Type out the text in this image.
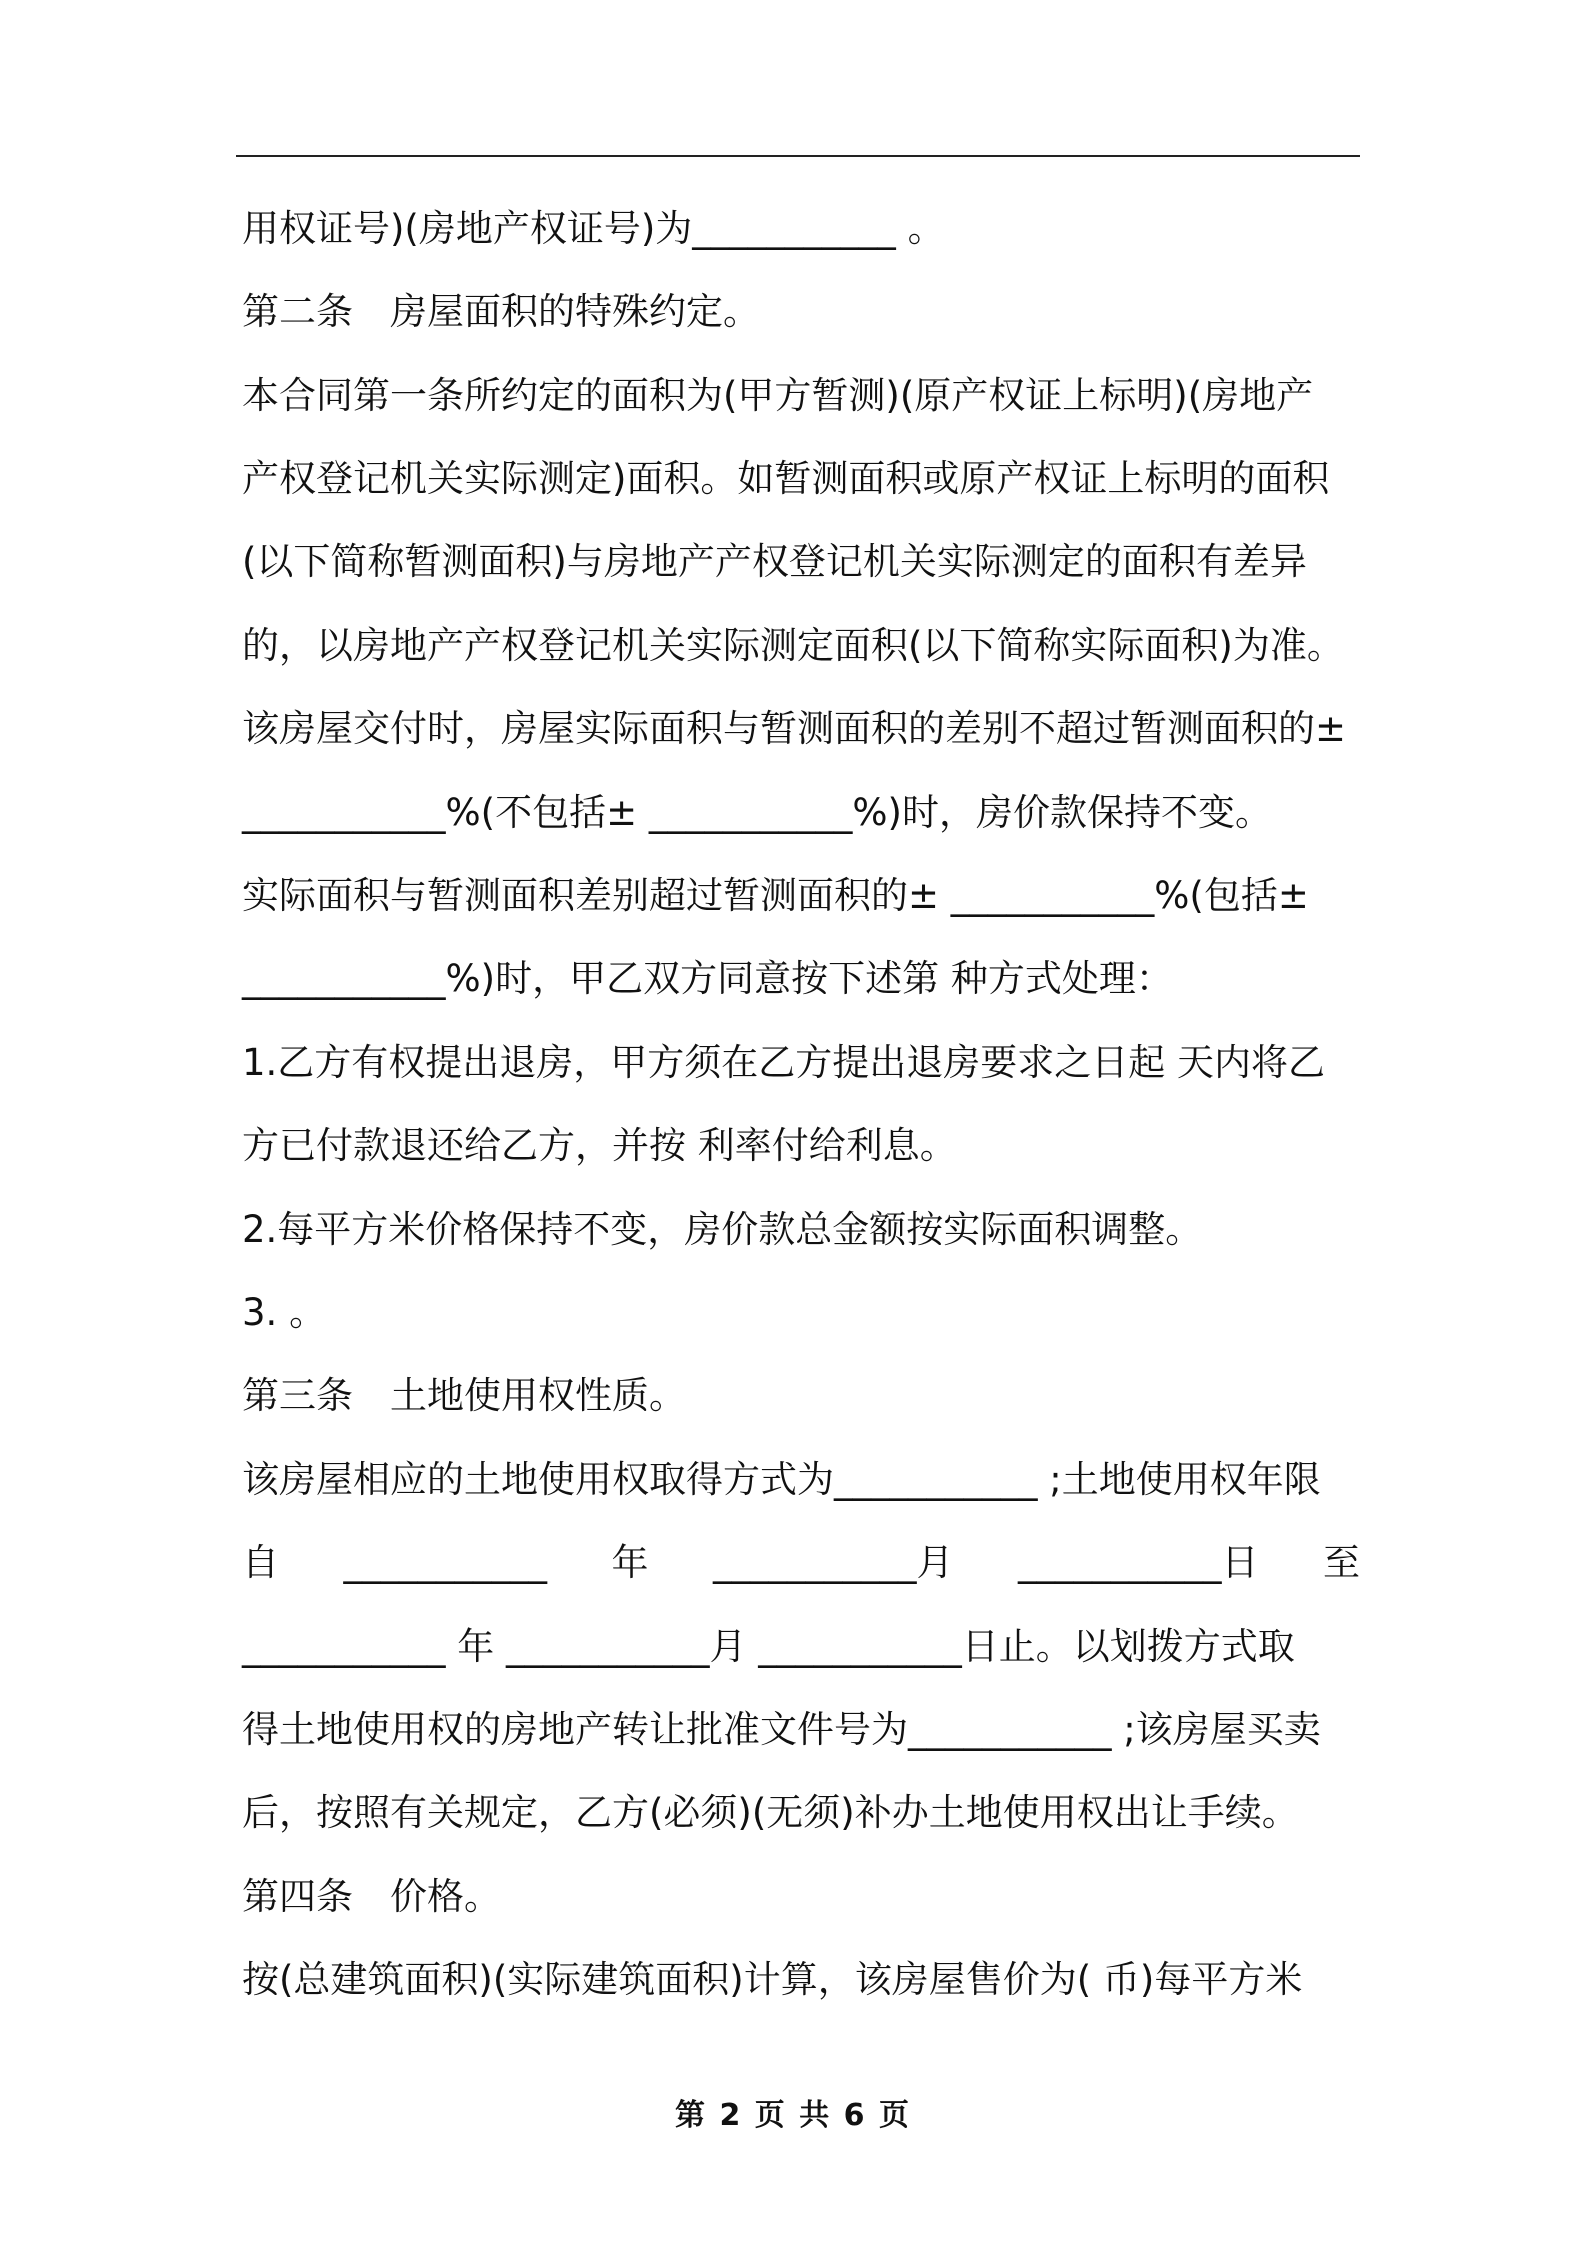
用权证号)(房地产权证号)为___________ 。
第二条　房屋面积的特殊约定。
本合同第一条所约定的面积为(甲方暂测)(原产权证上标明)(房地产
产权登记机关实际测定)面积。如暂测面积或原产权证上标明的面积
(以下简称暂测面积)与房地产产权登记机关实际测定的面积有差异
的，以房地产产权登记机关实际测定面积(以下简称实际面积)为准。
该房屋交付时，房屋实际面积与暂测面积的差别不超过暂测面积的±
___________%(不包括± ___________%)时，房价款保持不变。
实际面积与暂测面积差别超过暂测面积的± ___________%(包括±
___________%)时，甲乙双方同意按下述第 种方式处理：
1.乙方有权提出退房，甲方须在乙方提出退房要求之日起 天内将乙
方已付款退还给乙方，并按 利率付给利息。
2.每平方米价格保持不变，房价款总金额按实际面积调整。
3. 。
第三条　土地使用权性质。
该房屋相应的土地使用权取得方式为___________ ;土地使用权年限
自 ___________ 年 ___________月 ___________日 至
___________ 年 ___________月 ___________日止。以划拨方式取
得土地使用权的房地产转让批准文件号为___________ ;该房屋买卖
后，按照有关规定，乙方(必须)(无须)补办土地使用权出让手续。
第四条　价格。
按(总建筑面积)(实际建筑面积)计算，该房屋售价为( 币)每平方米
第 2 页 共 6 页
